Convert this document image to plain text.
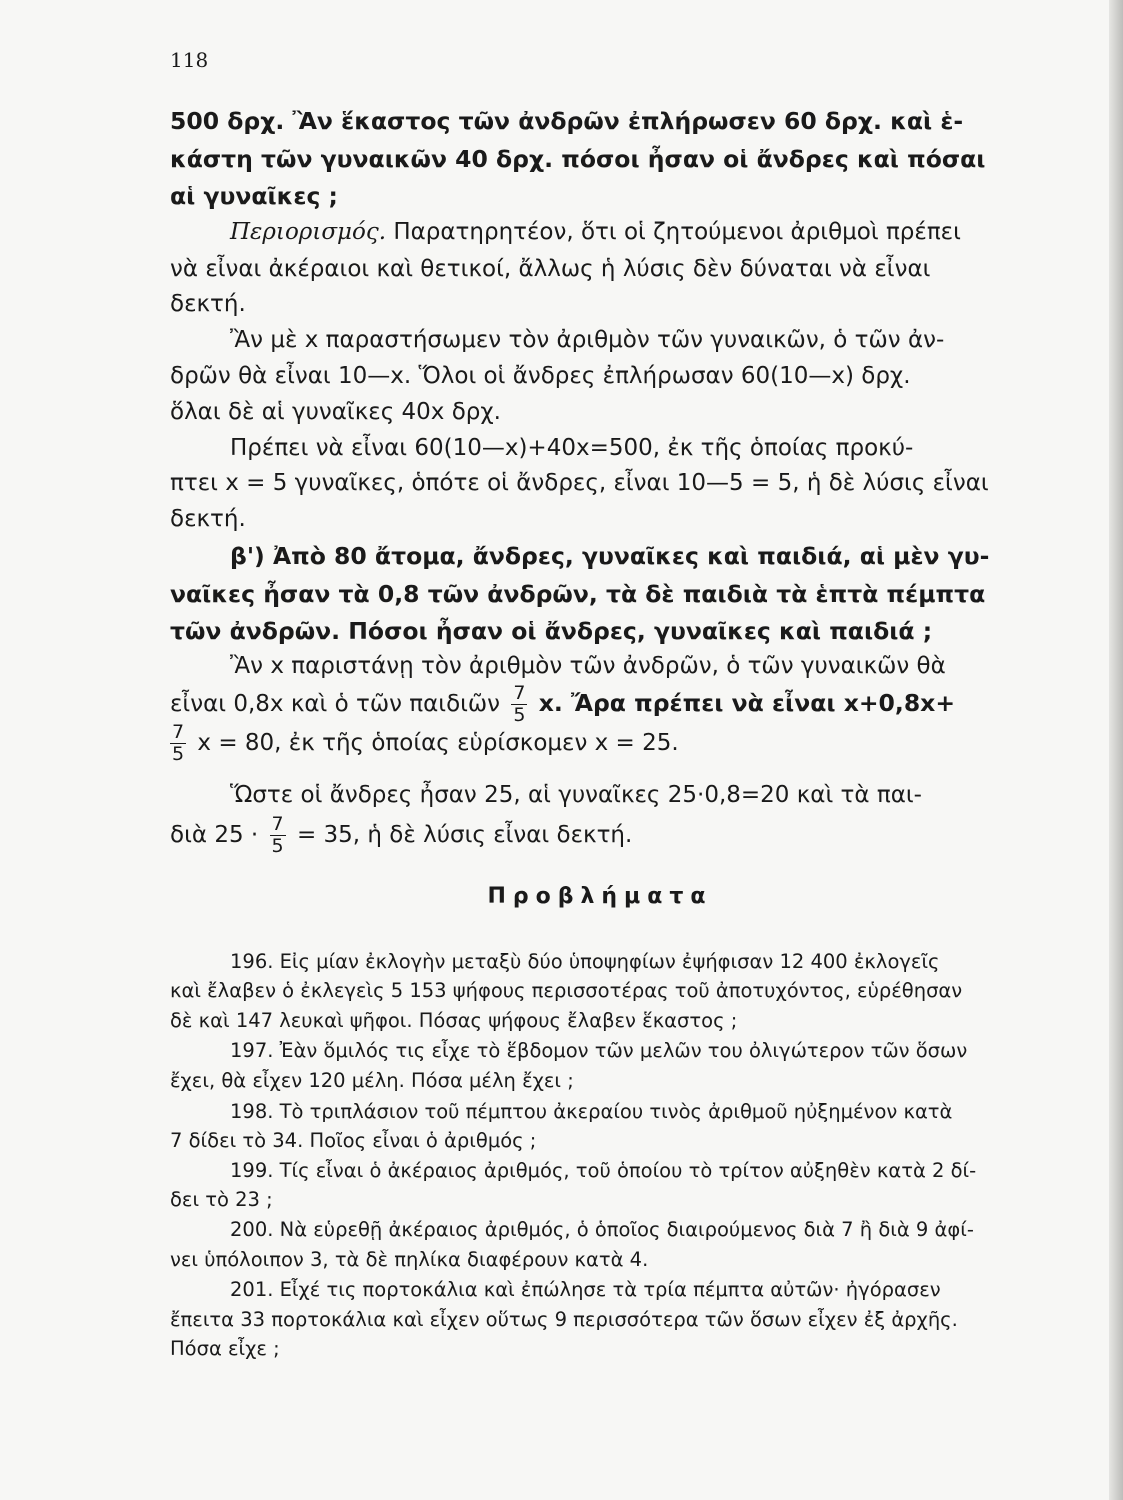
118
500 δρχ. Ἂν ἕκαστος τῶν ἀνδρῶν ἐπλήρωσεν 60 δρχ. καὶ ἑ-
κάστη τῶν γυναικῶν 40 δρχ. πόσοι ἦσαν οἱ ἄνδρες καὶ πόσαι
αἱ γυναῖκες ;
Περιορισμός. Παρατηρητέον, ὅτι οἱ ζητούμενοι ἀριθμοὶ πρέπει
νὰ εἶναι ἀκέραιοι καὶ θετικοί, ἄλλως ἡ λύσις δὲν δύναται νὰ εἶναι
δεκτή.
Ἂν μὲ x παραστήσωμεν τὸν ἀριθμὸν τῶν γυναικῶν, ὁ τῶν ἀν-
δρῶν θὰ εἶναι 10—x. Ὅλοι οἱ ἄνδρες ἐπλήρωσαν 60(10—x) δρχ.
ὅλαι δὲ αἱ γυναῖκες 40x δρχ.
Πρέπει νὰ εἶναι 60(10—x)+40x=500, ἐκ τῆς ὁποίας προκύ-
πτει x = 5 γυναῖκες, ὁπότε οἱ ἄνδρες, εἶναι 10—5 = 5, ἡ δὲ λύσις εἶναι
δεκτή.
β') Ἀπὸ 80 ἄτομα, ἄνδρες, γυναῖκες καὶ παιδιά, αἱ μὲν γυ-
ναῖκες ἦσαν τὰ 0,8 τῶν ἀνδρῶν, τὰ δὲ παιδιὰ τὰ ἑπτὰ πέμπτα
τῶν ἀνδρῶν. Πόσοι ἦσαν οἱ ἄνδρες, γυναῖκες καὶ παιδιά ;
Ἂν x παριστάνῃ τὸν ἀριθμὸν τῶν ἀνδρῶν, ὁ τῶν γυναικῶν θὰ
εἶναι 0,8x καὶ ὁ τῶν παιδιῶν $\frac{7}{5} x$. Ἄρα πρέπει νὰ εἶναι x+0,8x+
$\frac{7}{5}$ x = 80, ἐκ τῆς ὁποίας εὑρίσκομεν x = 25.
Ὥστε οἱ ἄνδρες ἦσαν 25, αἱ γυναῖκες 25·0,8=20 καὶ τὰ παι-
διὰ $25 \cdot \frac{7}{5} = 35$, ἡ δὲ λύσις εἶναι δεκτή.
Προβλήματα
196. Εἰς μίαν ἐκλογὴν μεταξὺ δύο ὑποψηφίων ἐψήφισαν 12 400 ἐκλογεῖς
καὶ ἔλαβεν ὁ ἐκλεγεὶς 5 153 ψήφους περισσοτέρας τοῦ ἀποτυχόντος, εὑρέθησαν
δὲ καὶ 147 λευκαὶ ψῆφοι. Πόσας ψήφους ἔλαβεν ἕκαστος ;
197. Ἐὰν ὅμιλός τις εἶχε τὸ ἕβδομον τῶν μελῶν του ὀλιγώτερον τῶν ὅσων
ἔχει, θὰ εἶχεν 120 μέλη. Πόσα μέλη ἔχει ;
198. Τὸ τριπλάσιον τοῦ πέμπτου ἀκεραίου τινὸς ἀριθμοῦ ηὐξημένον κατὰ
7 δίδει τὸ 34. Ποῖος εἶναι ὁ ἀριθμός ;
199. Τίς εἶναι ὁ ἀκέραιος ἀριθμός, τοῦ ὁποίου τὸ τρίτον αὐξηθὲν κατὰ 2 δί-
δει τὸ 23 ;
200. Νὰ εὑρεθῇ ἀκέραιος ἀριθμός, ὁ ὁποῖος διαιρούμενος διὰ 7 ἢ διὰ 9 ἀφί-
νει ὑπόλοιπον 3, τὰ δὲ πηλίκα διαφέρουν κατὰ 4.
201. Εἶχέ τις πορτοκάλια καὶ ἐπώλησε τὰ τρία πέμπτα αὐτῶν· ἠγόρασεν
ἔπειτα 33 πορτοκάλια καὶ εἶχεν οὕτως 9 περισσότερα τῶν ὅσων εἶχεν ἐξ ἀρχῆς.
Πόσα εἶχε ;
